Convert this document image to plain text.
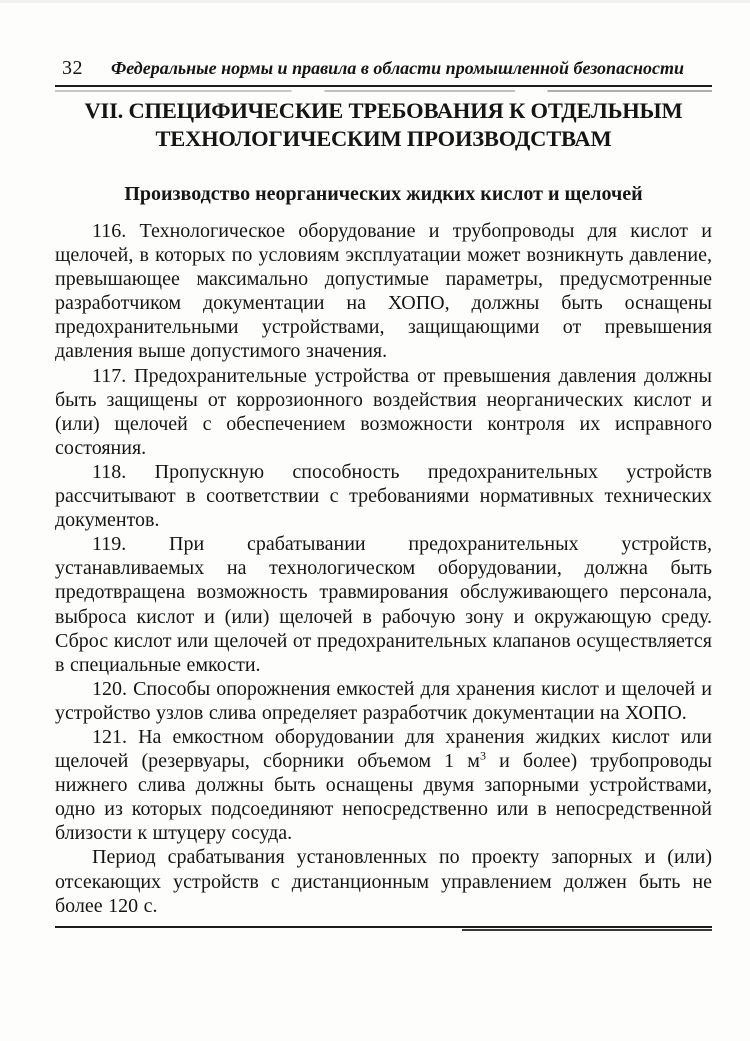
32	Федеральные нормы и правила в области промышленной безопасности
VII. СПЕЦИФИЧЕСКИЕ ТРЕБОВАНИЯ К ОТДЕЛЬНЫМ
ТЕХНОЛОГИЧЕСКИМ ПРОИЗВОДСТВАМ
Производство неорганических жидких кислот и щелочей

116. Технологическое оборудование и трубопроводы для кислот и щелочей, в которых по условиям эксплуатации может возникнуть давление, превышающее максимально допустимые параметры, предусмотренные разработчиком документации на ХОПО, должны быть оснащены предохранительными устройствами, защищающими от превышения давления выше допустимого значения.

117. Предохранительные устройства от превышения давления должны быть защищены от коррозионного воздействия неорганических кислот и (или) щелочей с обеспечением возможности контроля их исправного состояния.

118. Пропускную способность предохранительных устройств рассчитывают в соответствии с требованиями нормативных технических документов.

119. При срабатывании предохранительных устройств, устанавливаемых на технологическом оборудовании, должна быть предотвращена возможность травмирования обслуживающего персонала, выброса кислот и (или) щелочей в рабочую зону и окружающую среду. Сброс кислот или щелочей от предохранительных клапанов осуществляется в специальные емкости.

120. Способы опорожнения емкостей для хранения кислот и щелочей и устройство узлов слива определяет разработчик документации на ХОПО.

121. На емкостном оборудовании для хранения жидких кислот или щелочей (резервуары, сборники объемом 1 $м^3$ и более) трубопроводы нижнего слива должны быть оснащены двумя запорными устройствами, одно из которых подсоединяют непосредственно или в непосредственной близости к штуцеру сосуда.

Период срабатывания установленных по проекту запорных и (или) отсекающих устройств с дистанционным управлением должен быть не более 120 с.
